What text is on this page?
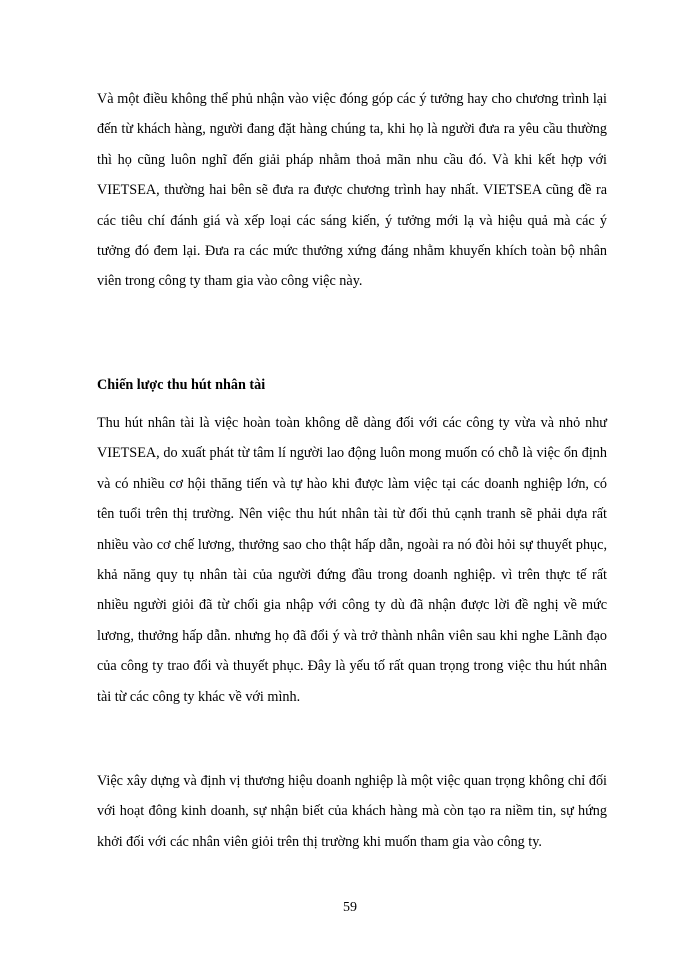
Và một điều không thể phủ nhận vào việc đóng góp các ý tưởng hay cho chương trình lại đến từ khách hàng, người đang đặt hàng chúng ta, khi họ là người đưa ra yêu cầu thường thì họ cũng luôn nghĩ đến giải pháp nhằm thoả mãn nhu cầu đó. Và khi kết hợp với VIETSEA, thường hai bên sẽ đưa ra được chương trình hay nhất. VIETSEA cũng đề ra các tiêu chí đánh giá và xếp loại các sáng kiến, ý tưởng mới lạ và hiệu quả mà các ý tưởng đó đem lại. Đưa ra các mức thưởng xứng đáng nhằm khuyến khích toàn bộ nhân viên trong công ty tham gia vào công việc này.

Chiến lược thu hút nhân tài

Thu hút nhân tài là việc hoàn toàn không dễ dàng đối với các công ty vừa và nhỏ như VIETSEA, do xuất phát từ tâm lí người lao động luôn mong muốn có chỗ là việc ổn định và có nhiều cơ hội thăng tiến và tự hào khi được làm việc tại các doanh nghiệp lớn, có tên tuổi trên thị trường. Nên việc thu hút nhân tài từ đối thủ cạnh tranh sẽ phải dựa rất nhiều vào cơ chế lương, thưởng sao cho thật hấp dẫn, ngoài ra nó đòi hỏi sự thuyết phục, khả năng quy tụ nhân tài của người đứng đầu trong doanh nghiệp. vì trên thực tế rất nhiều người giỏi đã từ chối gia nhập với công ty dù đã nhận được lời đề nghị về mức lương, thưởng hấp dẫn. nhưng họ đã đổi ý và trở thành nhân viên sau khi nghe Lãnh đạo của công ty trao đổi và thuyết phục. Đây là yếu tố rất quan trọng trong việc thu hút nhân tài từ các công ty khác về với mình.

Việc xây dựng và định vị thương hiệu doanh nghiệp là một việc quan trọng không chỉ đối với hoạt đông kinh doanh, sự nhận biết của khách hàng mà còn tạo ra niềm tin, sự hứng khởi đối với các nhân viên giỏi trên thị trường khi muốn tham gia vào công ty.

59
